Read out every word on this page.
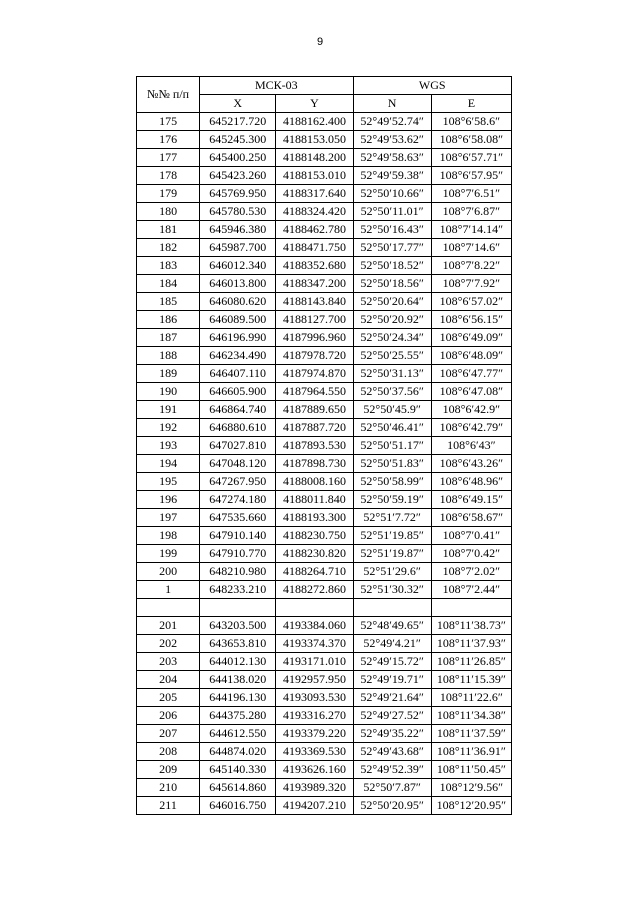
9
№№ п/п	МСК-03		WGS	
	X	Y	N	E
175	645217.720	4188162.400	52°49′52.74″	108°6′58.6″
176	645245.300	4188153.050	52°49′53.62″	108°6′58.08″
177	645400.250	4188148.200	52°49′58.63″	108°6′57.71″
178	645423.260	4188153.010	52°49′59.38″	108°6′57.95″
179	645769.950	4188317.640	52°50′10.66″	108°7′6.51″
180	645780.530	4188324.420	52°50′11.01″	108°7′6.87″
181	645946.380	4188462.780	52°50′16.43″	108°7′14.14″
182	645987.700	4188471.750	52°50′17.77″	108°7′14.6″
183	646012.340	4188352.680	52°50′18.52″	108°7′8.22″
184	646013.800	4188347.200	52°50′18.56″	108°7′7.92″
185	646080.620	4188143.840	52°50′20.64″	108°6′57.02″
186	646089.500	4188127.700	52°50′20.92″	108°6′56.15″
187	646196.990	4187996.960	52°50′24.34″	108°6′49.09″
188	646234.490	4187978.720	52°50′25.55″	108°6′48.09″
189	646407.110	4187974.870	52°50′31.13″	108°6′47.77″
190	646605.900	4187964.550	52°50′37.56″	108°6′47.08″
191	646864.740	4187889.650	52°50′45.9″	108°6′42.9″
192	646880.610	4187887.720	52°50′46.41″	108°6′42.79″
193	647027.810	4187893.530	52°50′51.17″	108°6′43″
194	647048.120	4187898.730	52°50′51.83″	108°6′43.26″
195	647267.950	4188008.160	52°50′58.99″	108°6′48.96″
196	647274.180	4188011.840	52°50′59.19″	108°6′49.15″
197	647535.660	4188193.300	52°51′7.72″	108°6′58.67″
198	647910.140	4188230.750	52°51′19.85″	108°7′0.41″
199	647910.770	4188230.820	52°51′19.87″	108°7′0.42″
200	648210.980	4188264.710	52°51′29.6″	108°7′2.02″
1	648233.210	4188272.860	52°51′30.32″	108°7′2.44″

201	643203.500	4193384.060	52°48′49.65″	108°11′38.73″
202	643653.810	4193374.370	52°49′4.21″	108°11′37.93″
203	644012.130	4193171.010	52°49′15.72″	108°11′26.85″
204	644138.020	4192957.950	52°49′19.71″	108°11′15.39″
205	644196.130	4193093.530	52°49′21.64″	108°11′22.6″
206	644375.280	4193316.270	52°49′27.52″	108°11′34.38″
207	644612.550	4193379.220	52°49′35.22″	108°11′37.59″
208	644874.020	4193369.530	52°49′43.68″	108°11′36.91″
209	645140.330	4193626.160	52°49′52.39″	108°11′50.45″
210	645614.860	4193989.320	52°50′7.87″	108°12′9.56″
211	646016.750	4194207.210	52°50′20.95″	108°12′20.95″
